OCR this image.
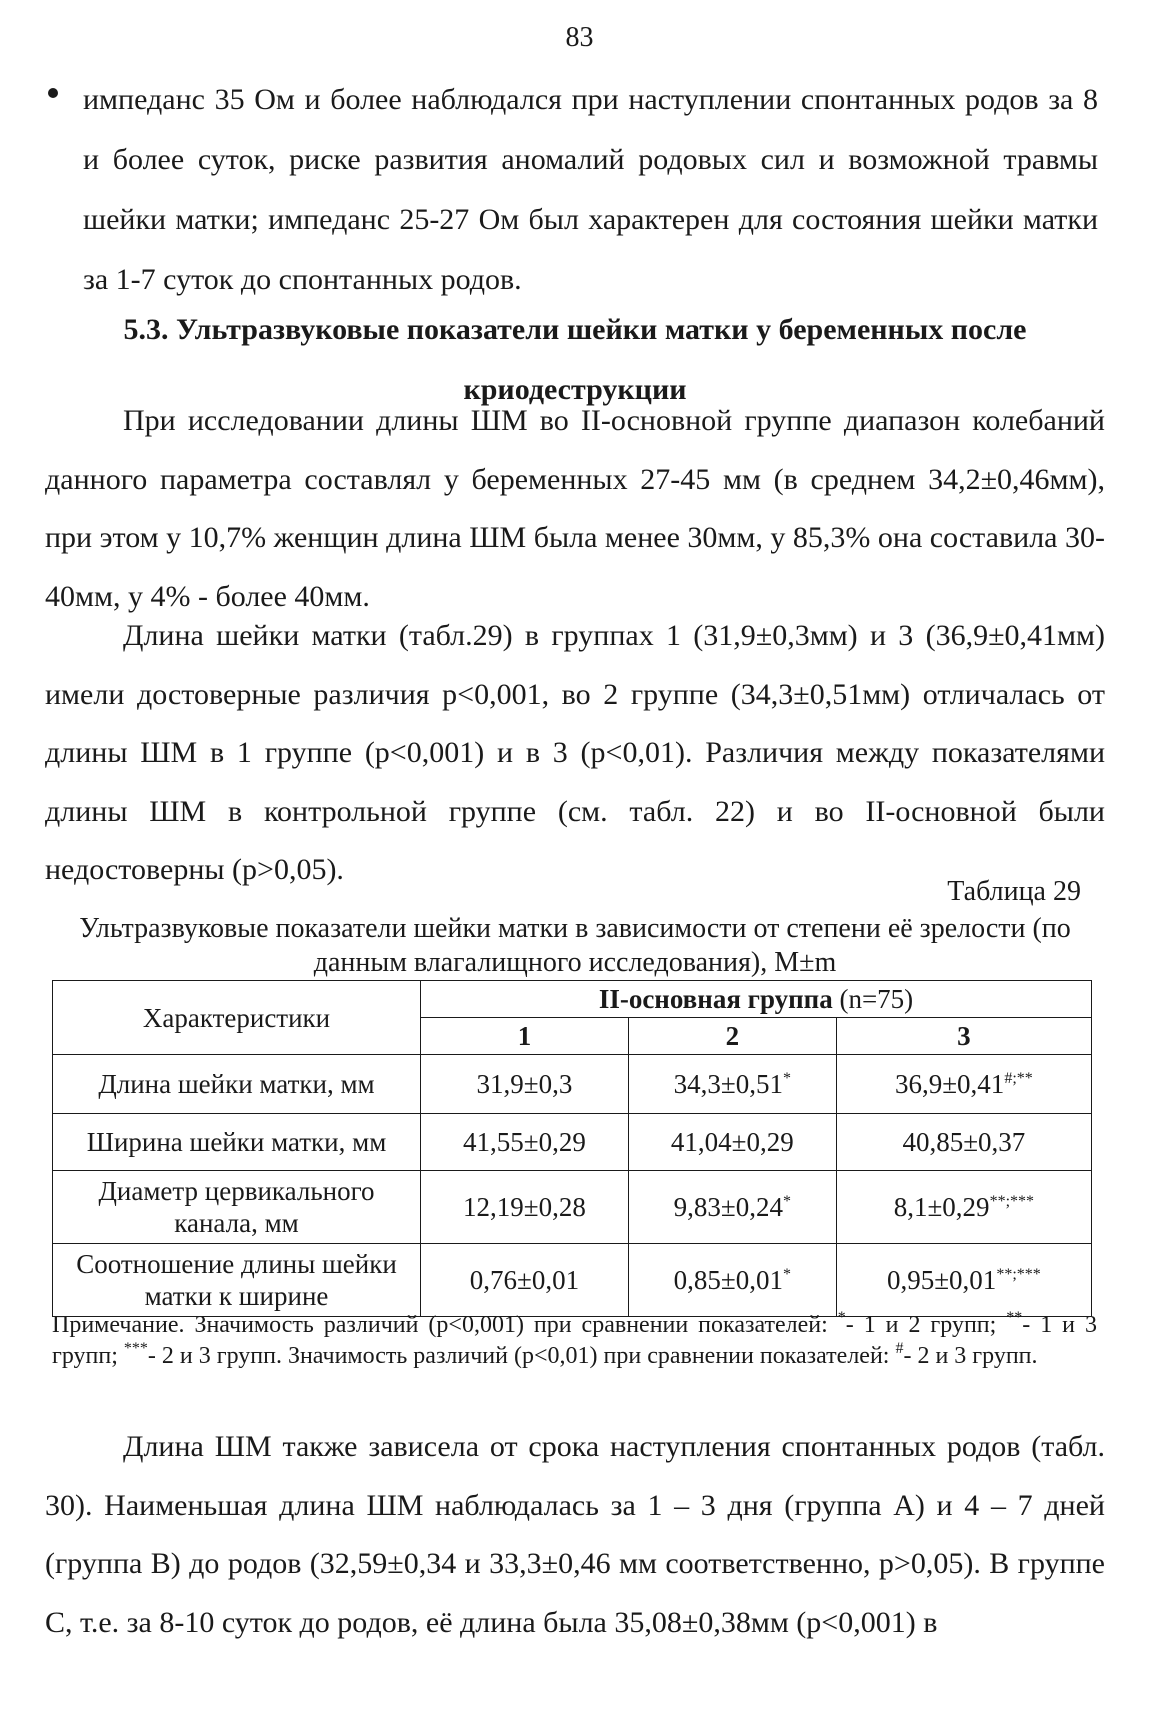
83
импеданс 35 Ом и более наблюдался при наступлении спонтанных родов за 8 и более суток, риске развития аномалий родовых сил и возможной травмы шейки матки; импеданс 25-27 Ом был характерен для состояния шейки матки за 1-7 суток до спонтанных родов.
5.3. Ультразвуковые показатели шейки матки у беременных после
криодеструкции

При исследовании длины ШМ во II-основной группе диапазон колебаний данного параметра составлял у беременных 27-45 мм (в среднем 34,2±0,46мм), при этом у 10,7% женщин длина ШМ была менее 30мм, у 85,3% она составила 30-40мм, у 4% - более 40мм.

Длина шейки матки (табл.29) в группах 1 (31,9±0,3мм) и 3 (36,9±0,41мм) имели достоверные различия p<0,001, во 2 группе (34,3±0,51мм) отличалась от длины ШМ в 1 группе (p<0,001) и в 3 (p<0,01). Различия между показателями длины ШМ в контрольной группе (см. табл. 22) и во II-основной были недостоверны (p>0,05).

Таблица 29
Ультразвуковые показатели шейки матки в зависимости от степени её зрелости (по данным влагалищного исследования), M±m
Характеристики	II-основная группа (n=75)		
	1	2	3
Длина шейки матки, мм	31,9±0,3	34,3±0,51*	36,9±0,41#;**
Ширина шейки матки, мм	41,55±0,29	41,04±0,29	40,85±0,37
Диаметр цервикального канала, мм	12,19±0,28	9,83±0,24*	8,1±0,29**;***
Соотношение длины шейки матки к ширине	0,76±0,01	0,85±0,01*	0,95±0,01**;***

Примечание. Значимость различий (p<0,001) при сравнении показателей: *- 1 и 2 групп; **- 1 и 3 групп; ***- 2 и 3 групп. Значимость различий (p<0,01) при сравнении показателей: #- 2 и 3 групп.

Длина ШМ также зависела от срока наступления спонтанных родов (табл. 30). Наименьшая длина ШМ наблюдалась за 1 – 3 дня (группа А) и 4 – 7 дней (группа В) до родов (32,59±0,34 и 33,3±0,46 мм соответственно, p>0,05). В группе С, т.е. за 8-10 суток до родов, её длина была 35,08±0,38мм (p<0,001) в
